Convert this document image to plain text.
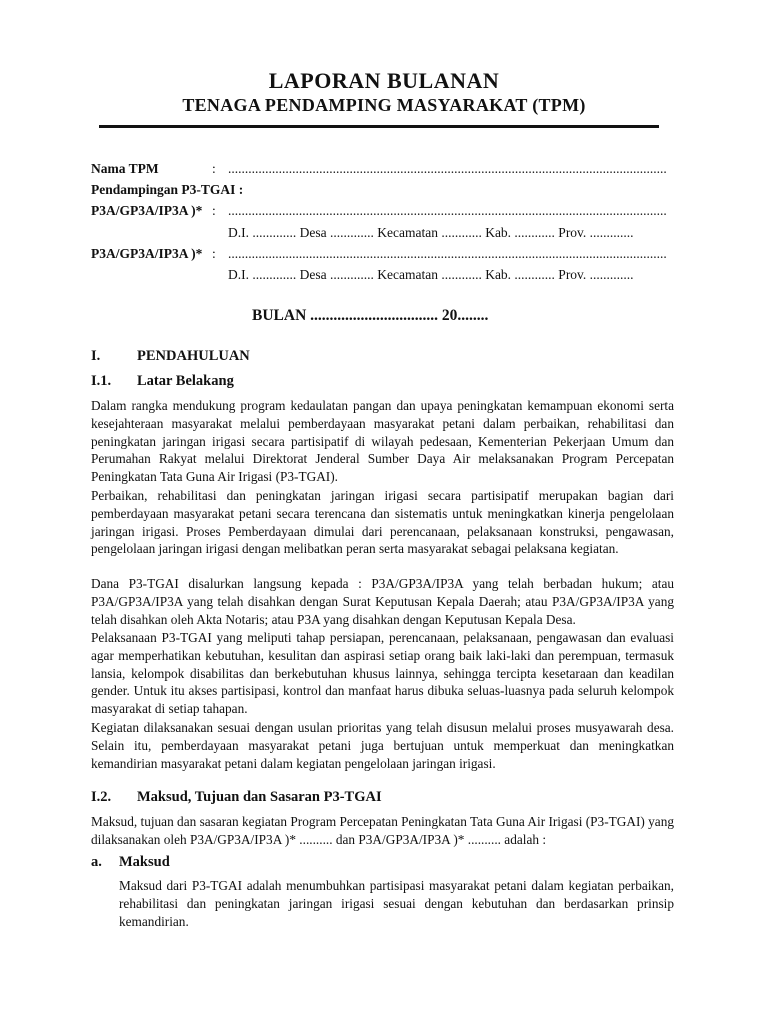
LAPORAN BULANAN
TENAGA PENDAMPING MASYARAKAT (TPM)
Nama TPM	: ..................................................................................................................................
Pendampingan P3-TGAI :
P3A/GP3A/IP3A )* : ..................................................................................................................................
D.I. ............. Desa ............. Kecamatan ............ Kab. ............ Prov. .............
P3A/GP3A/IP3A )* : ..................................................................................................................................
D.I. ............. Desa ............. Kecamatan ............ Kab. ............ Prov. .............
BULAN ................................. 20........
I.	PENDAHULUAN
I.1. Latar Belakang
Dalam rangka mendukung program kedaulatan pangan dan upaya peningkatan kemampuan ekonomi serta kesejahteraan masyarakat melalui pemberdayaan masyarakat petani dalam perbaikan, rehabilitasi dan peningkatan jaringan irigasi secara partisipatif di wilayah pedesaan, Kementerian Pekerjaan Umum dan Perumahan Rakyat melalui Direktorat Jenderal Sumber Daya Air melaksanakan Program Percepatan Peningkatan Tata Guna Air Irigasi (P3-TGAI).
Perbaikan, rehabilitasi dan peningkatan jaringan irigasi secara partisipatif merupakan bagian dari pemberdayaan masyarakat petani secara terencana dan sistematis untuk meningkatkan kinerja pengelolaan jaringan irigasi. Proses Pemberdayaan dimulai dari perencanaan, pelaksanaan konstruksi, pengawasan, pengelolaan jaringan irigasi dengan melibatkan peran serta masyarakat sebagai pelaksana kegiatan.
Dana P3-TGAI disalurkan langsung kepada : P3A/GP3A/IP3A yang telah berbadan hukum; atau P3A/GP3A/IP3A yang telah disahkan dengan Surat Keputusan Kepala Daerah; atau P3A/GP3A/IP3A yang telah disahkan oleh Akta Notaris; atau P3A yang disahkan dengan Keputusan Kepala Desa.
Pelaksanaan P3-TGAI yang meliputi tahap persiapan, perencanaan, pelaksanaan, pengawasan dan evaluasi agar memperhatikan kebutuhan, kesulitan dan aspirasi setiap orang baik laki-laki dan perempuan, termasuk lansia, kelompok disabilitas dan berkebutuhan khusus lainnya, sehingga tercipta kesetaraan dan keadilan gender. Untuk itu akses partisipasi, kontrol dan manfaat harus dibuka seluas-luasnya pada seluruh kelompok masyarakat di setiap tahapan.
Kegiatan dilaksanakan sesuai dengan usulan prioritas yang telah disusun melalui proses musyawarah desa. Selain itu, pemberdayaan masyarakat petani juga bertujuan untuk memperkuat dan meningkatkan kemandirian masyarakat petani dalam kegiatan pengelolaan jaringan irigasi.
I.2. Maksud, Tujuan dan Sasaran P3-TGAI
Maksud, tujuan dan sasaran kegiatan Program Percepatan Peningkatan Tata Guna Air Irigasi (P3-TGAI) yang dilaksanakan oleh P3A/GP3A/IP3A )* .......... dan P3A/GP3A/IP3A )* .......... adalah :
a. Maksud
Maksud dari P3-TGAI adalah menumbuhkan partisipasi masyarakat petani dalam kegiatan perbaikan, rehabilitasi dan peningkatan jaringan irigasi sesuai dengan kebutuhan dan berdasarkan prinsip kemandirian.
